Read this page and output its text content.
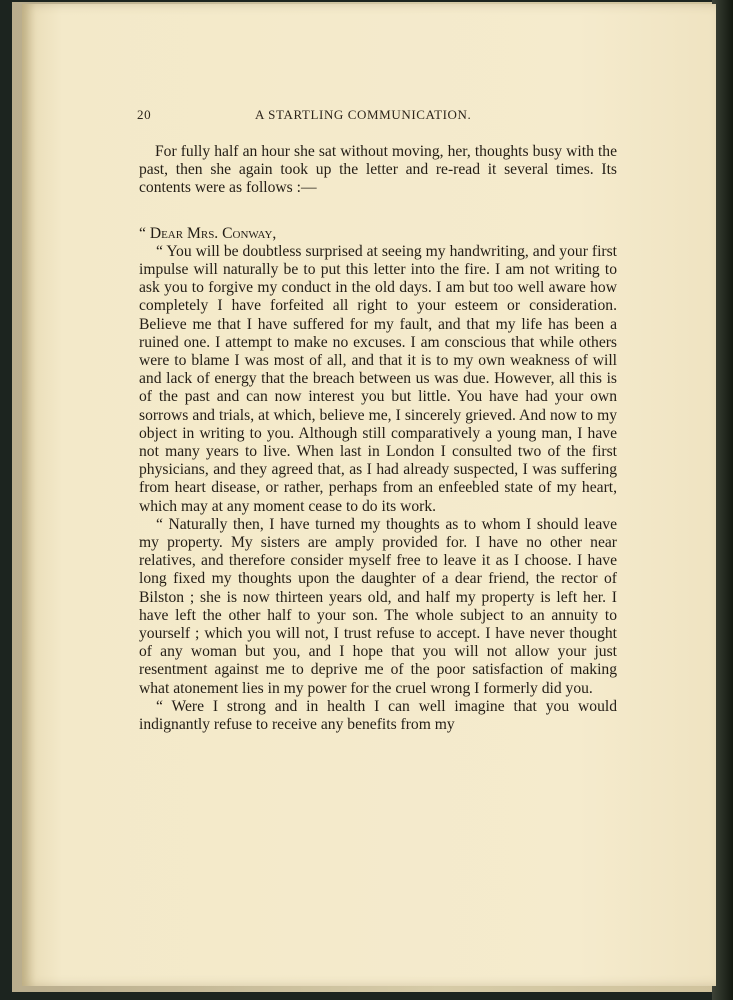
20	A STARTLING COMMUNICATION.

For fully half an hour she sat without moving, her, thoughts busy with the past, then she again took up the letter and re-read it several times. Its contents were as follows :—

“ Dear Mrs. Conway,

“ You will be doubtless surprised at seeing my handwriting, and your first impulse will naturally be to put this letter into the fire. I am not writing to ask you to forgive my conduct in the old days. I am but too well aware how completely I have forfeited all right to your esteem or consideration. Believe me that I have suffered for my fault, and that my life has been a ruined one. I attempt to make no excuses. I am conscious that while others were to blame I was most of all, and that it is to my own weakness of will and lack of energy that the breach between us was due. However, all this is of the past and can now interest you but little. You have had your own sorrows and trials, at which, believe me, I sincerely grieved. And now to my object in writing to you. Although still comparatively a young man, I have not many years to live. When last in London I consulted two of the first physicians, and they agreed that, as I had already suspected, I was suffering from heart disease, or rather, perhaps from an enfeebled state of my heart, which may at any moment cease to do its work.

“ Naturally then, I have turned my thoughts as to whom I should leave my property. My sisters are amply provided for. I have no other near relatives, and therefore consider myself free to leave it as I choose. I have long fixed my thoughts upon the daughter of a dear friend, the rector of Bilston ; she is now thirteen years old, and half my property is left her. I have left the other half to your son. The whole subject to an annuity to yourself ; which you will not, I trust refuse to accept. I have never thought of any woman but you, and I hope that you will not allow your just resentment against me to deprive me of the poor satisfaction of making what atonement lies in my power for the cruel wrong I formerly did you.

“ Were I strong and in health I can well imagine that you would indignantly refuse to receive any benefits from my
